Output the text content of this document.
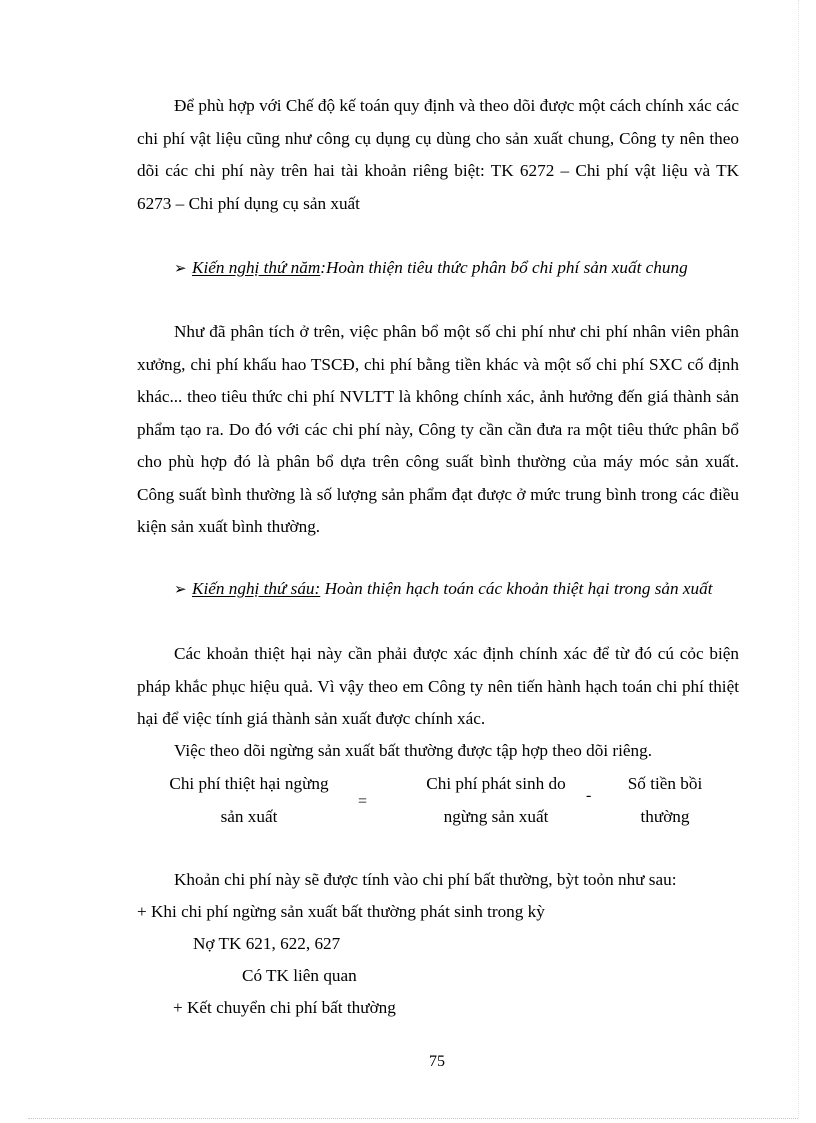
Để phù hợp với Chế độ kế toán quy định và theo dõi được một cách chính xác các chi phí vật liệu cũng như công cụ dụng cụ dùng cho sản xuất chung, Công ty nên theo dõi các chi phí này trên hai tài khoản riêng biệt: TK 6272 – Chi phí vật liệu và TK 6273 – Chi phí dụng cụ sản xuất
➢ Kiến nghị thứ năm:Hoàn thiện tiêu thức phân bổ chi phí sản xuất chung
Như đã phân tích ở trên, việc phân bổ một số chi phí như chi phí nhân viên phân xưởng, chi phí khấu hao TSCĐ, chi phí bằng tiền khác và một số chi phí SXC cố định khác... theo tiêu thức chi phí NVLTT là không chính xác, ảnh hưởng đến giá thành sản phẩm tạo ra. Do đó với các chi phí này, Công ty cần cần đưa ra một tiêu thức phân bổ cho phù hợp đó là phân bổ dựa trên công suất bình thường của máy móc sản xuất. Công suất bình thường là số lượng sản phẩm đạt được ở mức trung bình trong các điều kiện sản xuất bình thường.
➢ Kiến nghị thứ sáu: Hoàn thiện hạch toán các khoản thiệt hại trong sản xuất
Các khoản thiệt hại này cần phải được xác định chính xác để từ đó cú cỏc biện pháp khắc phục hiệu quả. Vì vậy theo em Công ty nên tiến hành hạch toán chi phí thiệt hại để việc tính giá thành sản xuất được chính xác.
Việc theo dõi ngừng sản xuất bất thường được tập hợp theo dõi riêng.
Chi phí thiệt hại ngừng
sản xuất
=
Chi phí phát sinh do
ngừng sản xuất
-
Số tiền bồi
thường
Khoản chi phí này sẽ được tính vào chi phí bất thường, bỳt toỏn như sau:
+ Khi chi phí ngừng sản xuất bất thường phát sinh trong kỳ
Nợ TK 621, 622, 627
Có TK liên quan
+ Kết chuyển chi phí bất thường
75
